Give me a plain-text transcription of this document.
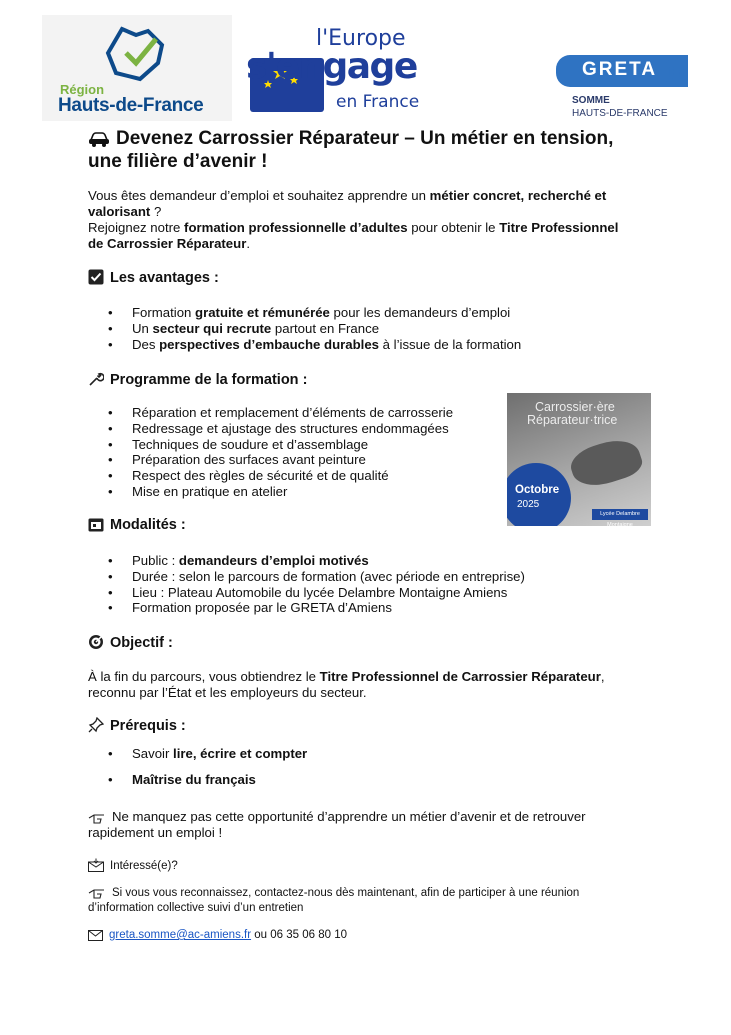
Région
Hauts-de-France
l'Europe
s'engage
en France
GRETA
SOMME
HAUTS-DE-FRANCE
Devenez Carrossier Réparateur – Un métier en tension,
une filière d’avenir !
Vous êtes demandeur d’emploi et souhaitez apprendre un métier concret, recherché et
valorisant ?
Rejoignez notre formation professionnelle d’adultes pour obtenir le Titre Professionnel
de Carrossier Réparateur.
Les avantages :
• Formation gratuite et rémunérée pour les demandeurs d’emploi
• Un secteur qui recrute partout en France
• Des perspectives d’embauche durables à l’issue de la formation
Programme de la formation :
• Réparation et remplacement d’éléments de carrosserie
• Redressage et ajustage des structures endommagées
• Techniques de soudure et d’assemblage
• Préparation des surfaces avant peinture
• Respect des règles de sécurité et de qualité
• Mise en pratique en atelier
Carrossier·ère
Réparateur·trice
Octobre
2025
Lycée Delambre Montaigne
Modalités :
• Public : demandeurs d’emploi motivés
• Durée : selon le parcours de formation (avec période en entreprise)
• Lieu : Plateau Automobile du lycée Delambre Montaigne Amiens
• Formation proposée par le GRETA d’Amiens
Objectif :
À la fin du parcours, vous obtiendrez le Titre Professionnel de Carrossier Réparateur,
reconnu par l’État et les employeurs du secteur.
Prérequis :
• Savoir lire, écrire et compter
• Maîtrise du français
Ne manquez pas cette opportunité d’apprendre un métier d’avenir et de retrouver
rapidement un emploi !
Intéressé(e)?
Si vous vous reconnaissez, contactez-nous dès maintenant, afin de participer à une réunion
d’information collective suivi d’un entretien
greta.somme@ac-amiens.fr ou 06 35 06 80 10
